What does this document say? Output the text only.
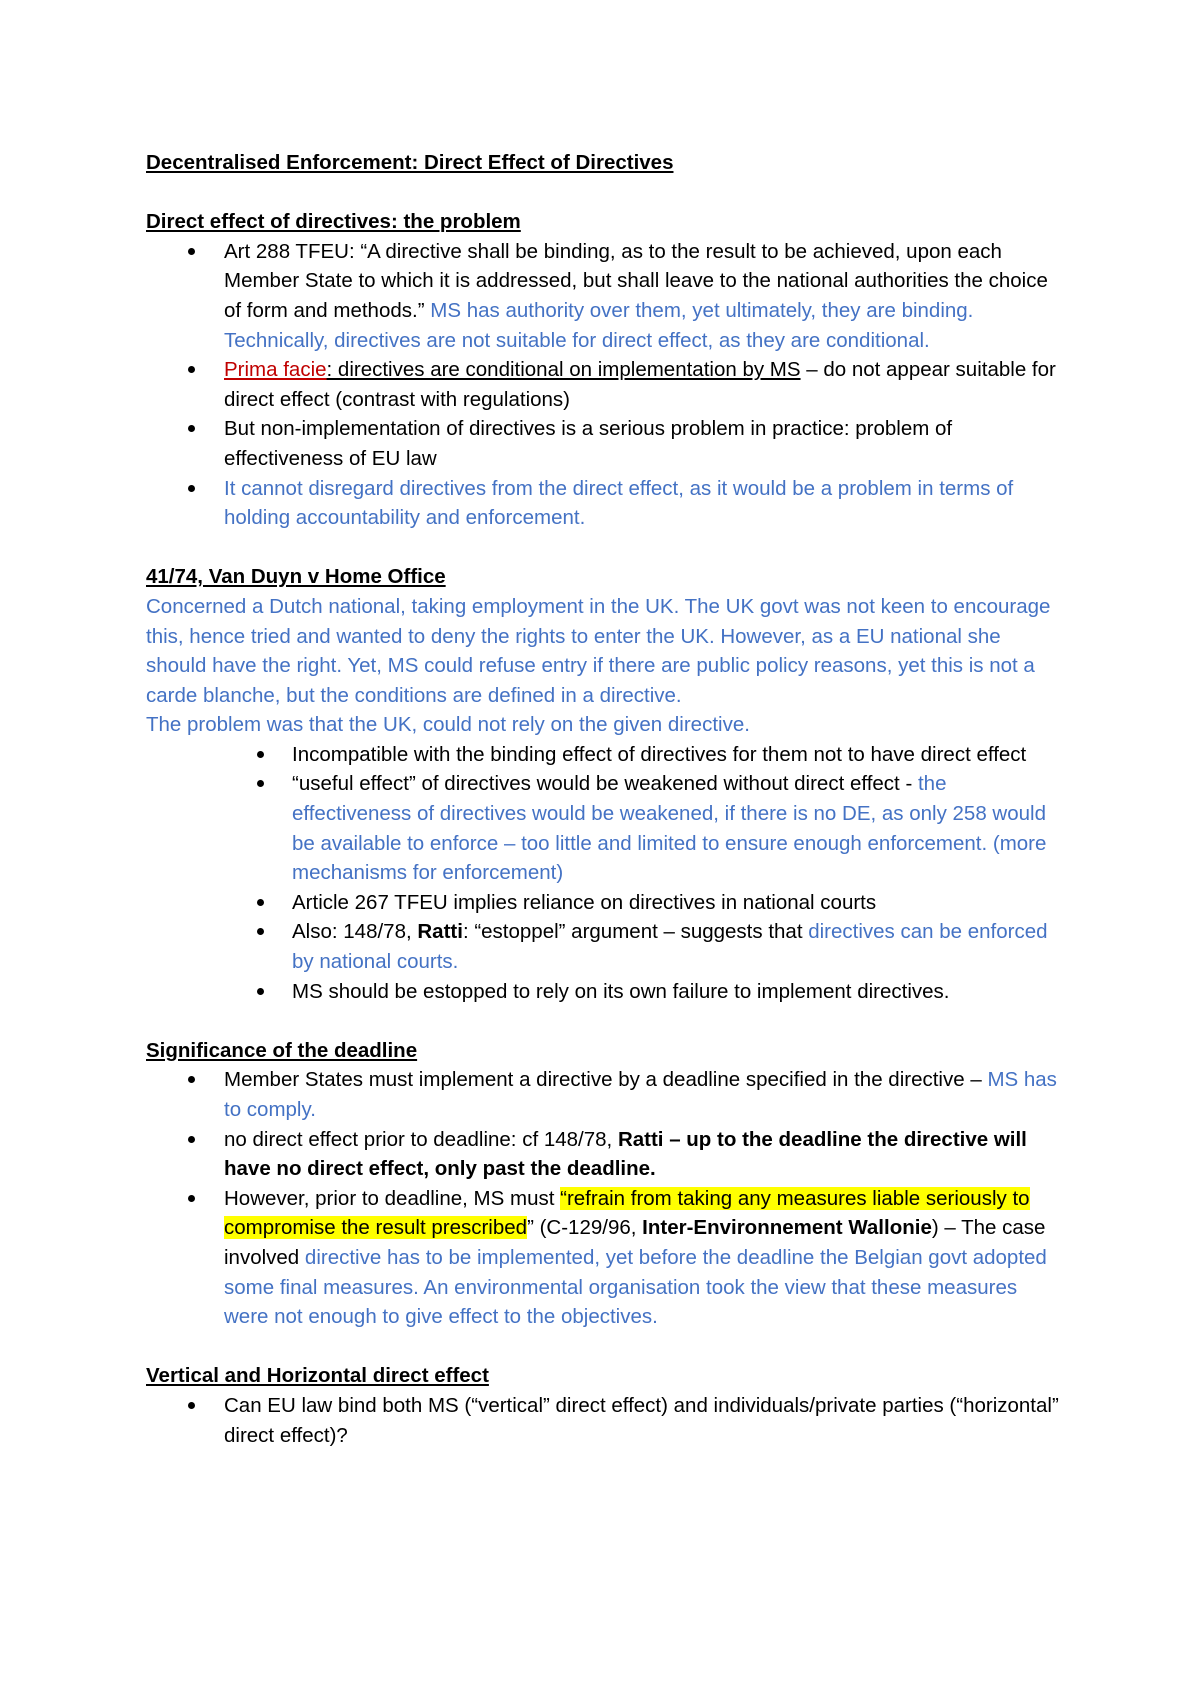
Decentralised Enforcement: Direct Effect of Directives
Direct effect of directives: the problem
Art 288 TFEU: “A directive shall be binding, as to the result to be achieved, upon each Member State to which it is addressed, but shall leave to the national authorities the choice of form and methods.” MS has authority over them, yet ultimately, they are binding. Technically, directives are not suitable for direct effect, as they are conditional.
Prima facie: directives are conditional on implementation by MS – do not appear suitable for direct effect (contrast with regulations)
But non-implementation of directives is a serious problem in practice: problem of effectiveness of EU law
It cannot disregard directives from the direct effect, as it would be a problem in terms of holding accountability and enforcement.
41/74, Van Duyn v Home Office
Concerned a Dutch national, taking employment in the UK. The UK govt was not keen to encourage this, hence tried and wanted to deny the rights to enter the UK. However, as a EU national she should have the right. Yet, MS could refuse entry if there are public policy reasons, yet this is not a carde blanche, but the conditions are defined in a directive.
The problem was that the UK, could not rely on the given directive.
Incompatible with the binding effect of directives for them not to have direct effect
“useful effect” of directives would be weakened without direct effect - the effectiveness of directives would be weakened, if there is no DE, as only 258 would be available to enforce – too little and limited to ensure enough enforcement. (more mechanisms for enforcement)
Article 267 TFEU implies reliance on directives in national courts
Also: 148/78, Ratti: “estoppel” argument – suggests that directives can be enforced by national courts.
MS should be estopped to rely on its own failure to implement directives.
Significance of the deadline
Member States must implement a directive by a deadline specified in the directive – MS has to comply.
no direct effect prior to deadline: cf 148/78, Ratti – up to the deadline the directive will have no direct effect, only past the deadline.
However, prior to deadline, MS must “refrain from taking any measures liable seriously to compromise the result prescribed” (C-129/96, Inter-Environnement Wallonie) – The case involved directive has to be implemented, yet before the deadline the Belgian govt adopted some final measures. An environmental organisation took the view that these measures were not enough to give effect to the objectives.
Vertical and Horizontal direct effect
Can EU law bind both MS (“vertical” direct effect) and individuals/private parties (“horizontal” direct effect)?
